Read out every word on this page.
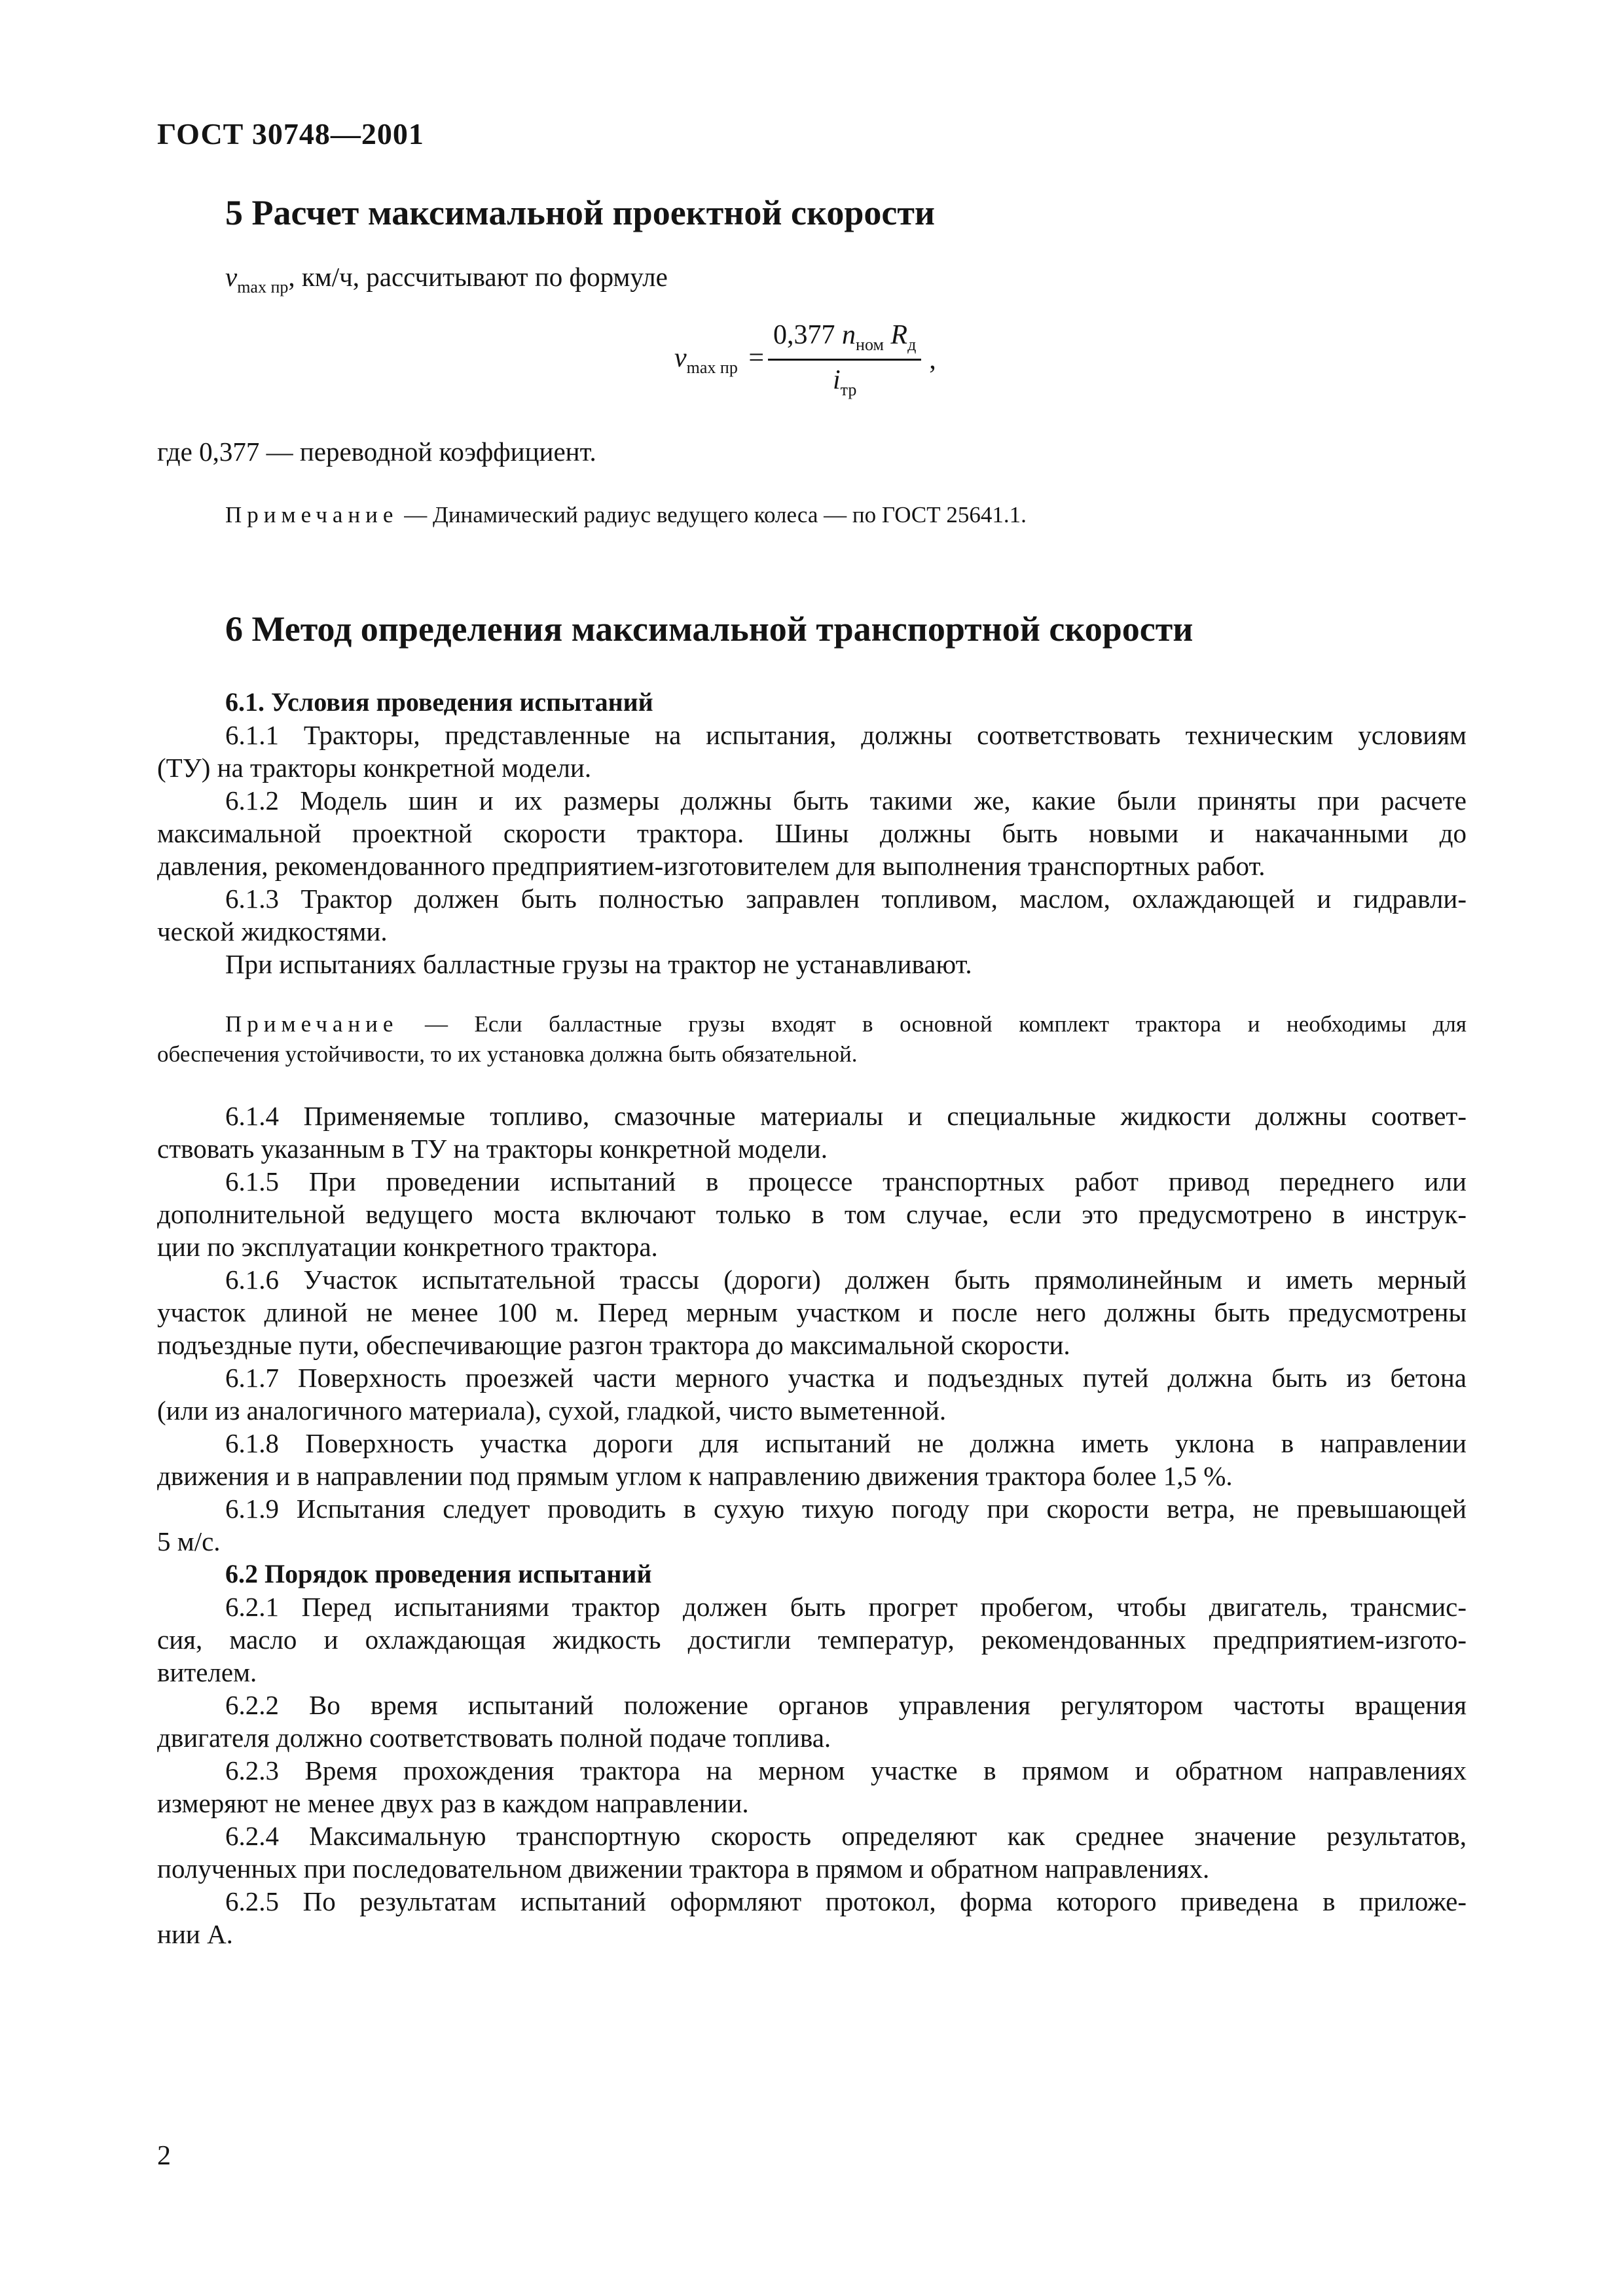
ГОСТ 30748—2001
5 Расчет максимальной проектной скорости
$v_{max пр}$, км/ч, рассчитывают по формуле
$v_{max пр} = \frac{0,377 n_{ном} R_д}{i_{тр}}$ ,
где 0,377 — переводной коэффициент.
Примечание — Динамический радиус ведущего колеса — по ГОСТ 25641.1.
6 Метод определения максимальной транспортной скорости
6.1. Условия проведения испытаний
6.1.1 Тракторы, представленные на испытания, должны соответствовать техническим условиям
(ТУ) на тракторы конкретной модели.
6.1.2 Модель шин и их размеры должны быть такими же, какие были приняты при расчете
максимальной проектной скорости трактора. Шины должны быть новыми и накачанными до
давления, рекомендованного предприятием-изготовителем для выполнения транспортных работ.
6.1.3 Трактор должен быть полностью заправлен топливом, маслом, охлаждающей и гидравли-
ческой жидкостями.
При испытаниях балластные грузы на трактор не устанавливают.
Примечание — Если балластные грузы входят в основной комплект трактора и необходимы для
обеспечения устойчивости, то их установка должна быть обязательной.
6.1.4 Применяемые топливо, смазочные материалы и специальные жидкости должны соответ-
ствовать указанным в ТУ на тракторы конкретной модели.
6.1.5 При проведении испытаний в процессе транспортных работ привод переднего или
дополнительной ведущего моста включают только в том случае, если это предусмотрено в инструк-
ции по эксплуатации конкретного трактора.
6.1.6 Участок испытательной трассы (дороги) должен быть прямолинейным и иметь мерный
участок длиной не менее 100 м. Перед мерным участком и после него должны быть предусмотрены
подъездные пути, обеспечивающие разгон трактора до максимальной скорости.
6.1.7 Поверхность проезжей части мерного участка и подъездных путей должна быть из бетона
(или из аналогичного материала), сухой, гладкой, чисто выметенной.
6.1.8 Поверхность участка дороги для испытаний не должна иметь уклона в направлении
движения и в направлении под прямым углом к направлению движения трактора более 1,5 %.
6.1.9 Испытания следует проводить в сухую тихую погоду при скорости ветра, не превышающей
5 м/с.
6.2 Порядок проведения испытаний
6.2.1 Перед испытаниями трактор должен быть прогрет пробегом, чтобы двигатель, трансмис-
сия, масло и охлаждающая жидкость достигли температур, рекомендованных предприятием-изгото-
вителем.
6.2.2 Во время испытаний положение органов управления регулятором частоты вращения
двигателя должно соответствовать полной подаче топлива.
6.2.3 Время прохождения трактора на мерном участке в прямом и обратном направлениях
измеряют не менее двух раз в каждом направлении.
6.2.4 Максимальную транспортную скорость определяют как среднее значение результатов,
полученных при последовательном движении трактора в прямом и обратном направлениях.
6.2.5 По результатам испытаний оформляют протокол, форма которого приведена в приложе-
нии А.
2
